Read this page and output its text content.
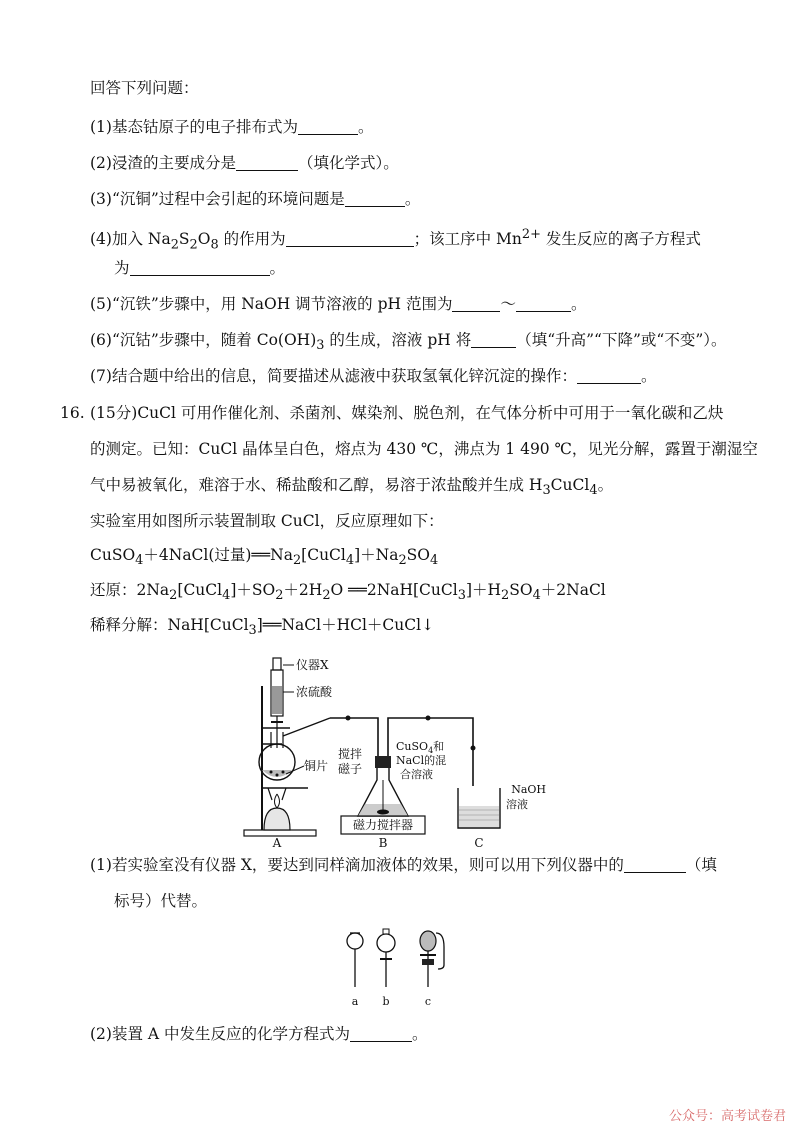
回答下列问题：
(1)基态钴原子的电子排布式为	。
(2)浸渣的主要成分是	（填化学式）。
(3)“沉铜”过程中会引起的环境问题是	。
(4)加入 $Na_2S_2O_8$ 的作用为	；该工序中 $Mn^{2+}$ 发生反应的离子方程式
为	。
(5)“沉铁”步骤中，用 NaOH 调节溶液的 pH 范围为	～	。
(6)“沉钴”步骤中，随着 $Co(OH)_3$ 的生成，溶液 pH 将	（填“升高”“下降”或“不变”）。
(7)结合题中给出的信息，简要描述从滤液中获取氢氧化锌沉淀的操作：	。
16. (15分)CuCl 可用作催化剂、杀菌剂、媒染剂、脱色剂，在气体分析中可用于一氧化碳和乙炔
的测定。已知：CuCl 晶体呈白色，熔点为 430 ℃，沸点为 1 490 ℃，见光分解，露置于潮湿空
气中易被氧化，难溶于水、稀盐酸和乙醇，易溶于浓盐酸并生成 $H_3CuCl_4$。
实验室用如图所示装置制取 CuCl，反应原理如下：
CuSO$_4$＋4NaCl(过量)$══Na_2[CuCl_4]+Na_2SO_4$
还原：$2Na_2[CuCl_4]+SO_2+2H_2O$ $══2NaH[CuCl_3]+H_2SO_4+2NaCl$
稀释分解：NaH[CuCl$_3$]══NaCl＋HCl＋CuCl↓
仪器X
浓硫酸
铜片
搅拌
磁子
CuSO$_4$和
NaCl的混
合溶液
NaOH
溶液
磁力搅拌器
A	B	C
(1)若实验室没有仪器 X，要达到同样滴加液体的效果，则可以用下列仪器中的	（填
标号）代替。
a b	c
(2)装置 A 中发生反应的化学方程式为	。
公众号：高考试卷君
